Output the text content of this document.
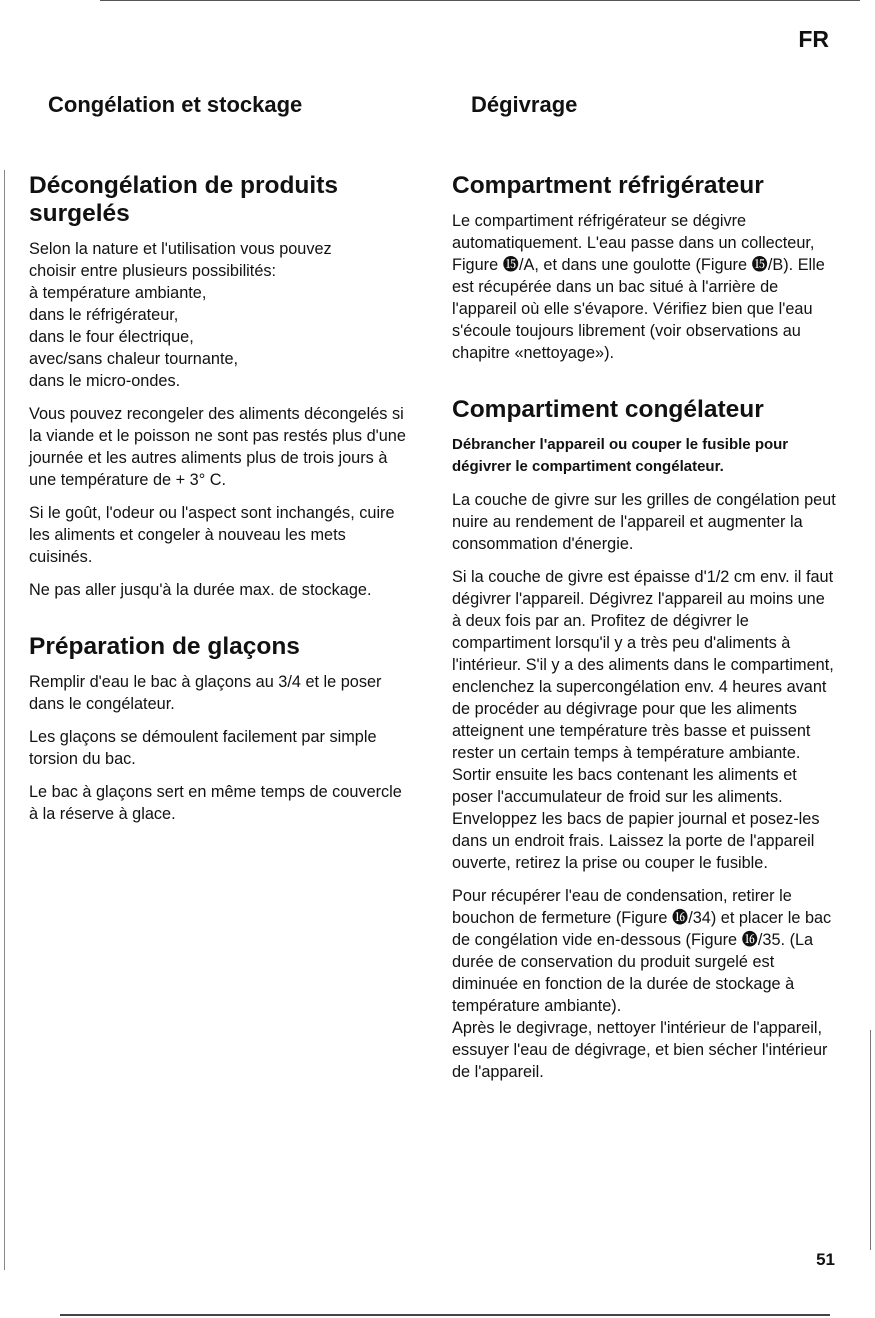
FR
Congélation et stockage	Dégivrage
Décongélation de produits surgelés

Selon la nature et l'utilisation vous pouvez
choisir entre plusieurs possibilités:
à température ambiante,
dans le réfrigérateur,
dans le four électrique,
avec/sans chaleur tournante,
dans le micro-ondes.

Vous pouvez recongeler des aliments décongelés si la viande et le poisson ne sont pas restés plus d'une journée et les autres aliments plus de trois jours à une température de + 3° C.

Si le goût, l'odeur ou l'aspect sont inchangés, cuire les aliments et congeler à nouveau les mets cuisinés.

Ne pas aller jusqu'à la durée max. de stockage.

Préparation de glaçons

Remplir d'eau le bac à glaçons au 3/4 et le poser dans le congélateur.

Les glaçons se démoulent facilement par simple torsion du bac.

Le bac à glaçons sert en même temps de couvercle à la réserve à glace.

Compartment réfrigérateur

Le compartiment réfrigérateur se dégivre automatiquement. L'eau passe dans un collecteur, Figure ⓯/A, et dans une goulotte (Figure ⓯/B). Elle est récupérée dans un bac situé à l'arrière de l'appareil où elle s'évapore. Vérifiez bien que l'eau s'écoule toujours librement (voir observations au chapitre «nettoyage»).

Compartiment congélateur

Débrancher l'appareil ou couper le fusible pour dégivrer le compartiment congélateur.

La couche de givre sur les grilles de congélation peut nuire au rendement de l'appareil et augmenter la consommation d'énergie.

Si la couche de givre est épaisse d'1/2 cm env. il faut dégivrer l'appareil. Dégivrez l'appareil au moins une à deux fois par an. Profitez de dégivrer le compartiment lorsqu'il y a très peu d'aliments à l'intérieur. S'il y a des aliments dans le compartiment, enclenchez la supercongélation env. 4 heures avant de procéder au dégivrage pour que les aliments atteignent une température très basse et puissent rester un certain temps à température ambiante. Sortir ensuite les bacs contenant les aliments et poser l'accumulateur de froid sur les aliments. Enveloppez les bacs de papier journal et posez-les dans un endroit frais. Laissez la porte de l'appareil ouverte, retirez la prise ou couper le fusible.

Pour récupérer l'eau de condensation, retirer le bouchon de fermeture (Figure ⓰/34) et placer le bac de congélation vide en-dessous (Figure ⓰/35. (La durée de conservation du produit surgelé est diminuée en fonction de la durée de stockage à température ambiante).

Après le degivrage, nettoyer l'intérieur de l'appareil, essuyer l'eau de dégivrage, et bien sécher l'intérieur de l'appareil.

51
